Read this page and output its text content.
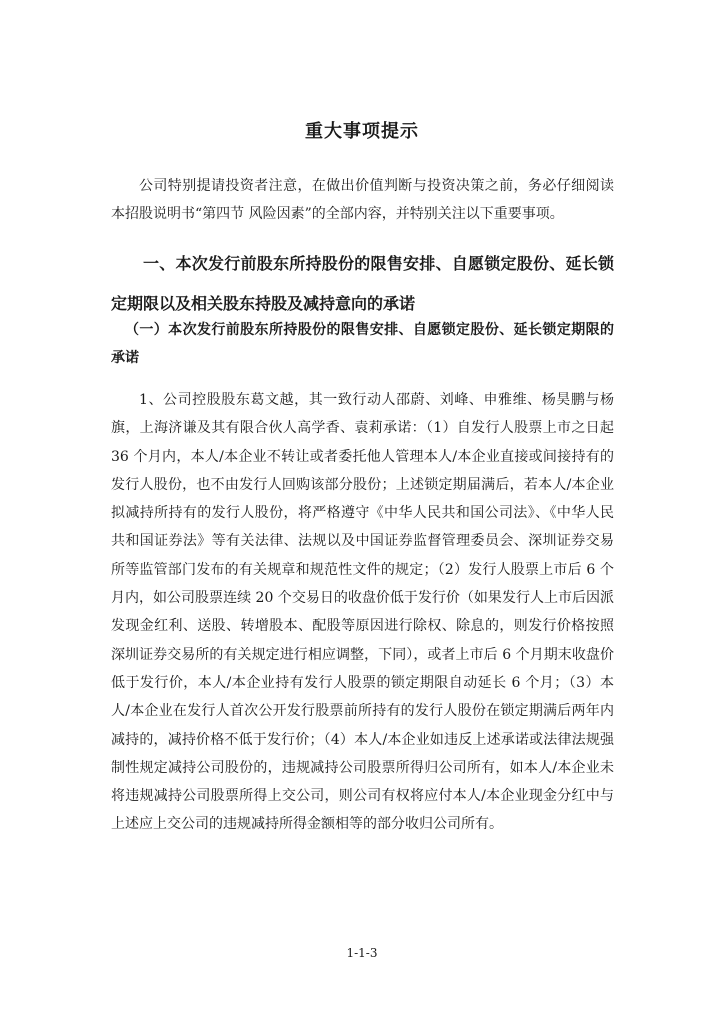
重大事项提示

公司特别提请投资者注意，在做出价值判断与投资决策之前，务必仔细阅读本招股说明书“第四节 风险因素”的全部内容，并特别关注以下重要事项。

一、本次发行前股东所持股份的限售安排、自愿锁定股份、延长锁定期限以及相关股东持股及减持意向的承诺
（一）本次发行前股东所持股份的限售安排、自愿锁定股份、延长锁定期限的承诺

1、公司控股股东葛文越，其一致行动人邵蔚、刘峰、申雅维、杨昊鹏与杨旗，上海济谦及其有限合伙人高学香、袁莉承诺：（1）自发行人股票上市之日起 36 个月内，本人/本企业不转让或者委托他人管理本人/本企业直接或间接持有的发行人股份，也不由发行人回购该部分股份；上述锁定期届满后，若本人/本企业拟减持所持有的发行人股份，将严格遵守《中华人民共和国公司法》、《中华人民共和国证券法》等有关法律、法规以及中国证券监督管理委员会、深圳证券交易所等监管部门发布的有关规章和规范性文件的规定；（2）发行人股票上市后 6 个月内，如公司股票连续 20 个交易日的收盘价低于发行价（如果发行人上市后因派发现金红利、送股、转增股本、配股等原因进行除权、除息的，则发行价格按照深圳证券交易所的有关规定进行相应调整，下同），或者上市后 6 个月期末收盘价低于发行价，本人/本企业持有发行人股票的锁定期限自动延长 6 个月；（3）本人/本企业在发行人首次公开发行股票前所持有的发行人股份在锁定期满后两年内减持的，减持价格不低于发行价；（4）本人/本企业如违反上述承诺或法律法规强制性规定减持公司股份的，违规减持公司股票所得归公司所有，如本人/本企业未将违规减持公司股票所得上交公司，则公司有权将应付本人/本企业现金分红中与上述应上交公司的违规减持所得金额相等的部分收归公司所有。

1-1-3
